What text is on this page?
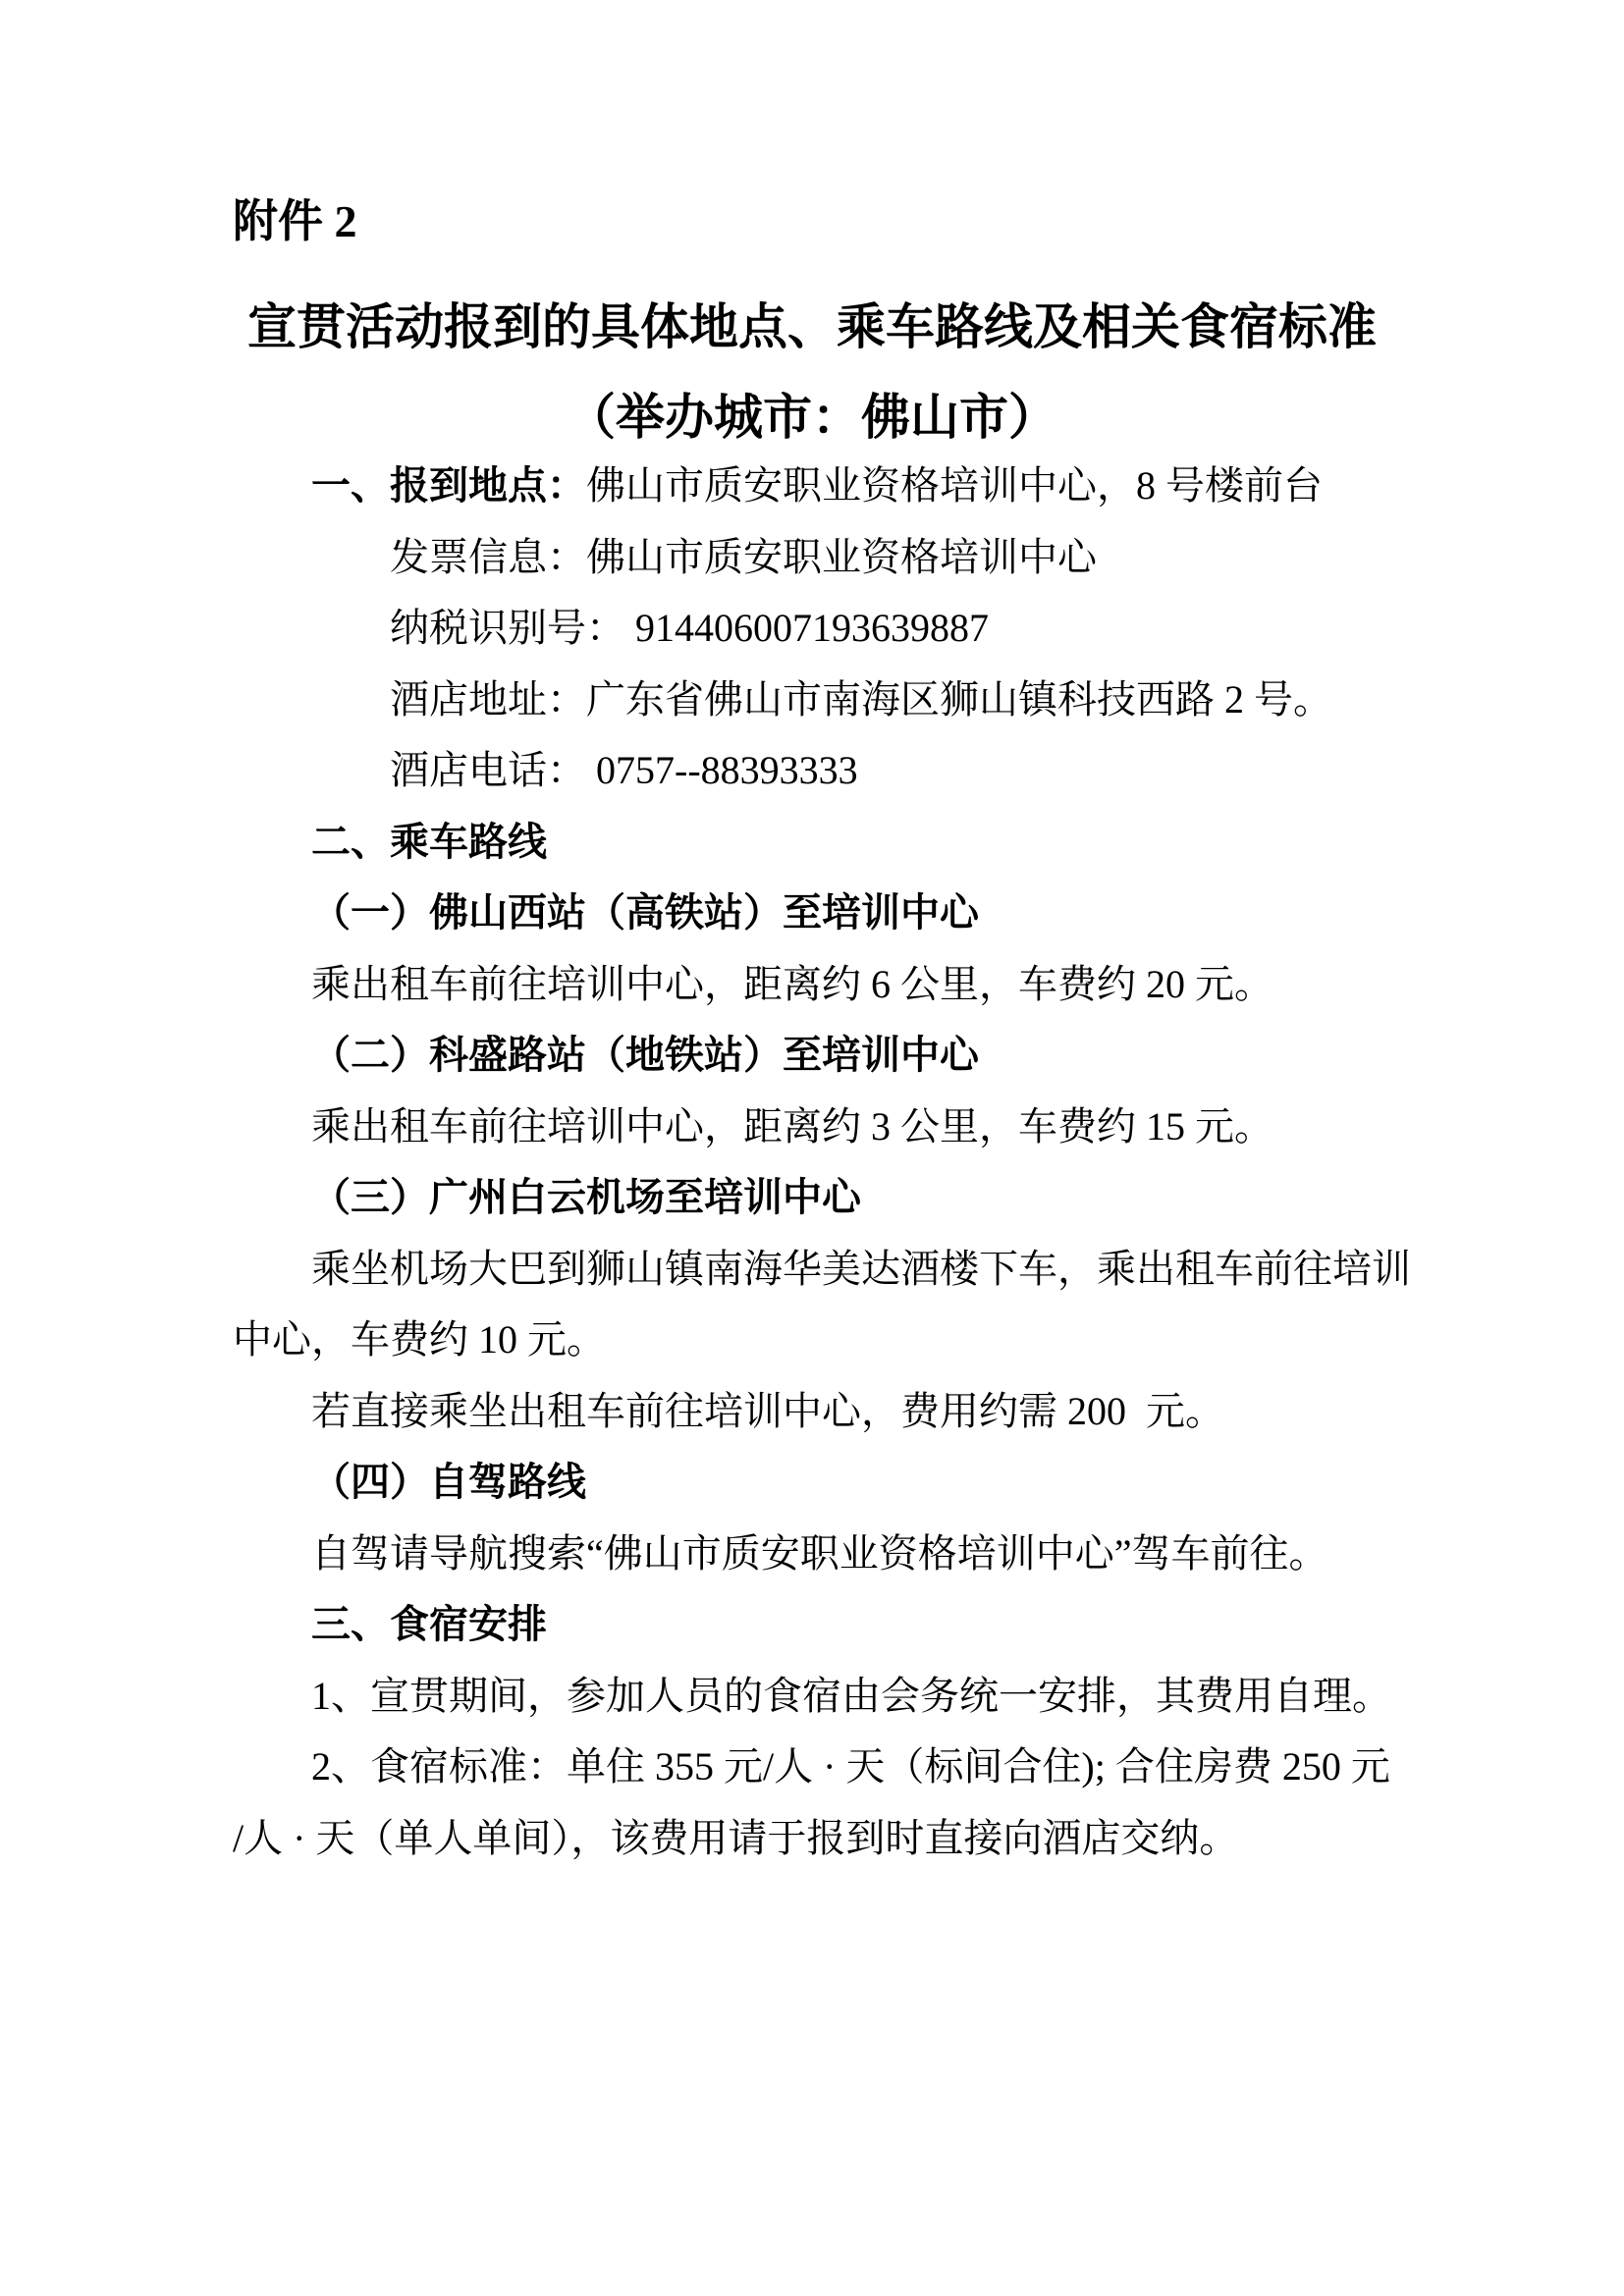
附件 2
宣贯活动报到的具体地点、乘车路线及相关食宿标准
（举办城市：佛山市）
一、报到地点：佛山市质安职业资格培训中心，8 号楼前台
发票信息：佛山市质安职业资格培训中心
纳税识别号： 914406007193639887
酒店地址：广东省佛山市南海区狮山镇科技西路 2 号。
酒店电话： 0757--88393333
二、乘车路线
（一）佛山西站（高铁站）至培训中心
乘出租车前往培训中心，距离约 6 公里，车费约 20 元。
（二）科盛路站（地铁站）至培训中心
乘出租车前往培训中心，距离约 3 公里，车费约 15 元。
（三）广州白云机场至培训中心
乘坐机场大巴到狮山镇南海华美达酒楼下车，乘出租车前往培训
中心，车费约 10 元。
若直接乘坐出租车前往培训中心，费用约需 200  元。
（四）自驾路线
自驾请导航搜索“佛山市质安职业资格培训中心”驾车前往。
三、食宿安排
1、宣贯期间，参加人员的食宿由会务统一安排，其费用自理。
2、食宿标准：单住 355 元/人 · 天（标间合住); 合住房费 250 元
/人 · 天（单人单间），该费用请于报到时直接向酒店交纳。
